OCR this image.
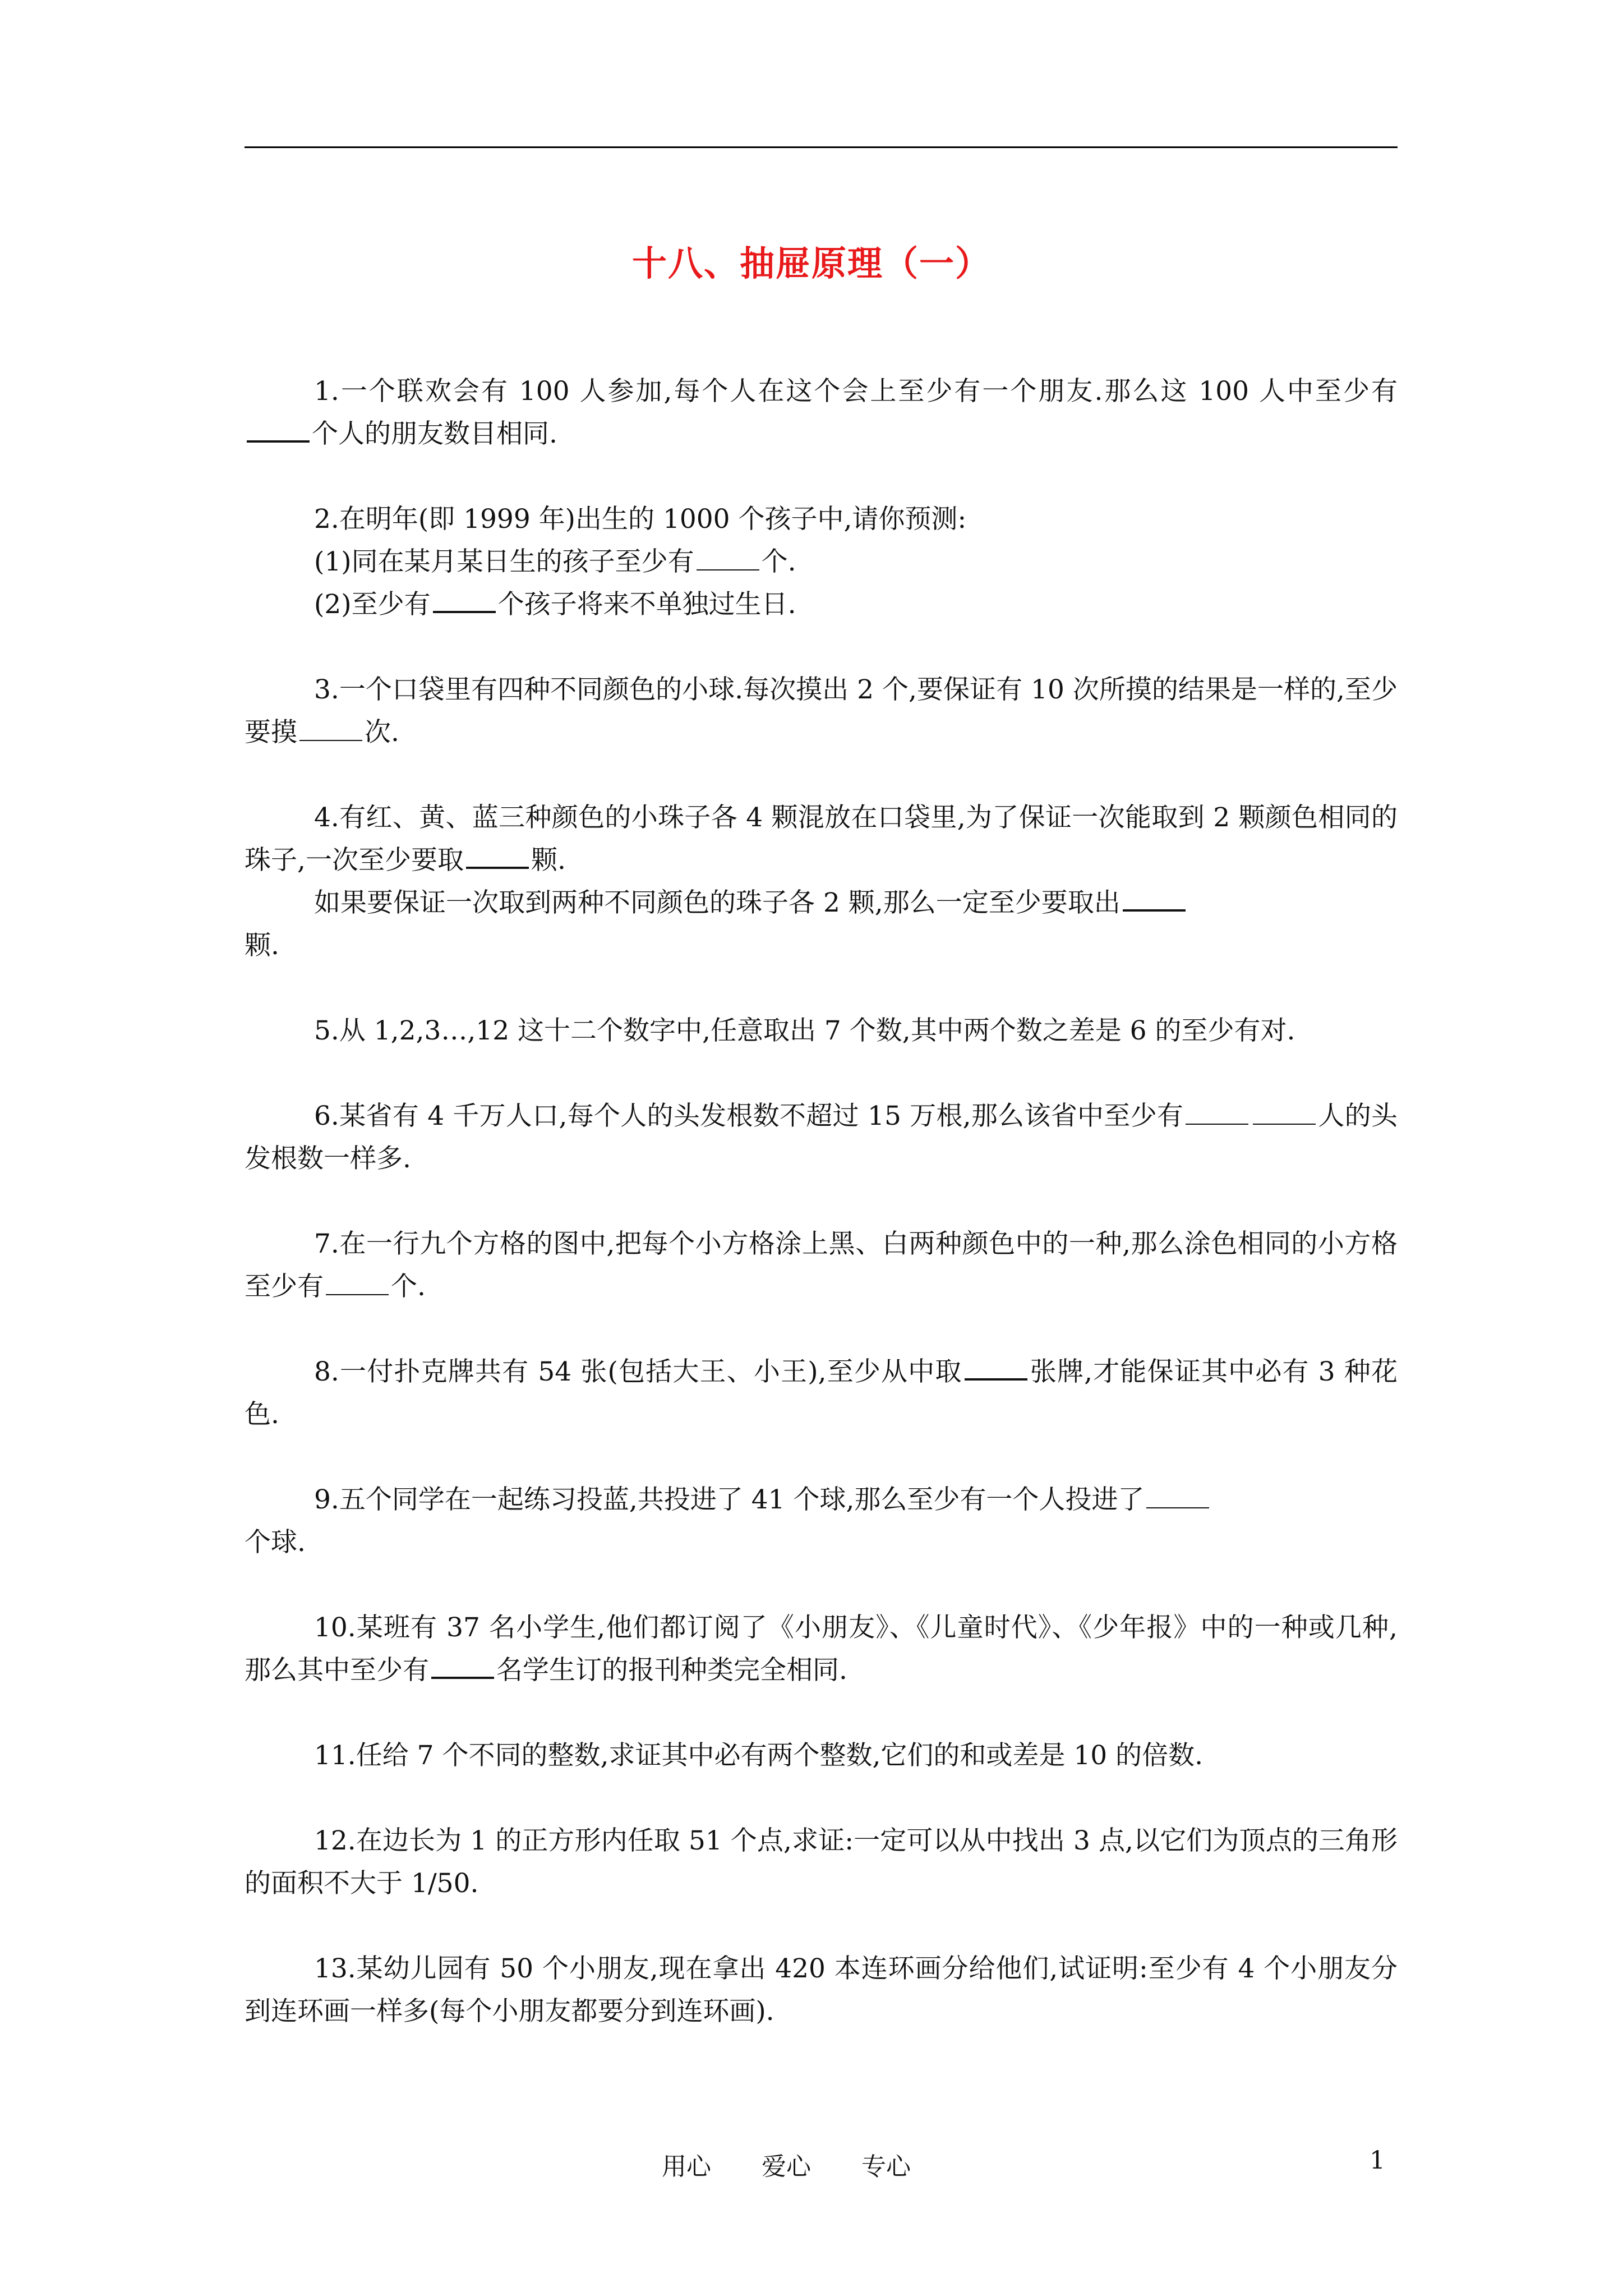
十八、抽屉原理（一）
1.一个联欢会有 100 人参加,每个人在这个会上至少有一个朋友.那么这 100 人中至少有个人的朋友数目相同.
2.在明年(即 1999 年)出生的 1000 个孩子中,请你预测:
(1)同在某月某日生的孩子至少有	个.
(2)至少有	个孩子将来不单独过生日.
3.一个口袋里有四种不同颜色的小球.每次摸出 2 个,要保证有 10 次所摸的结果是一样的,至少要摸	次.
4.有红、黄、蓝三种颜色的小珠子各 4 颗混放在口袋里,为了保证一次能取到 2 颗颜色相同的珠子,一次至少要取	颗.
如果要保证一次取到两种不同颜色的珠子各 2 颗,那么一定至少要取出
颗.
5.从 1,2,3…,12 这十二个数字中,任意取出 7 个数,其中两个数之差是 6 的至少有对.
6.某省有 4 千万人口,每个人的头发根数不超过 15 万根,那么该省中至少有	人的头发根数一样多.
7.在一行九个方格的图中,把每个小方格涂上黑、白两种颜色中的一种,那么涂色相同的小方格至少有	个.
8.一付扑克牌共有 54 张(包括大王、小王),至少从中取	张牌,才能保证其中必有 3 种花色.
9.五个同学在一起练习投蓝,共投进了 41 个球,那么至少有一个人投进了
个球.
10.某班有 37 名小学生,他们都订阅了《小朋友》、《儿童时代》、《少年报》中的一种或几种,那么其中至少有	名学生订的报刊种类完全相同.
11.任给 7 个不同的整数,求证其中必有两个整数,它们的和或差是 10 的倍数.
12.在边长为 1 的正方形内任取 51 个点,求证:一定可以从中找出 3 点,以它们为顶点的三角形的面积不大于 1/50.
13.某幼儿园有 50 个小朋友,现在拿出 420 本连环画分给他们,试证明:至少有 4 个小朋友分到连环画一样多(每个小朋友都要分到连环画).
用心 爱心 专心	1
